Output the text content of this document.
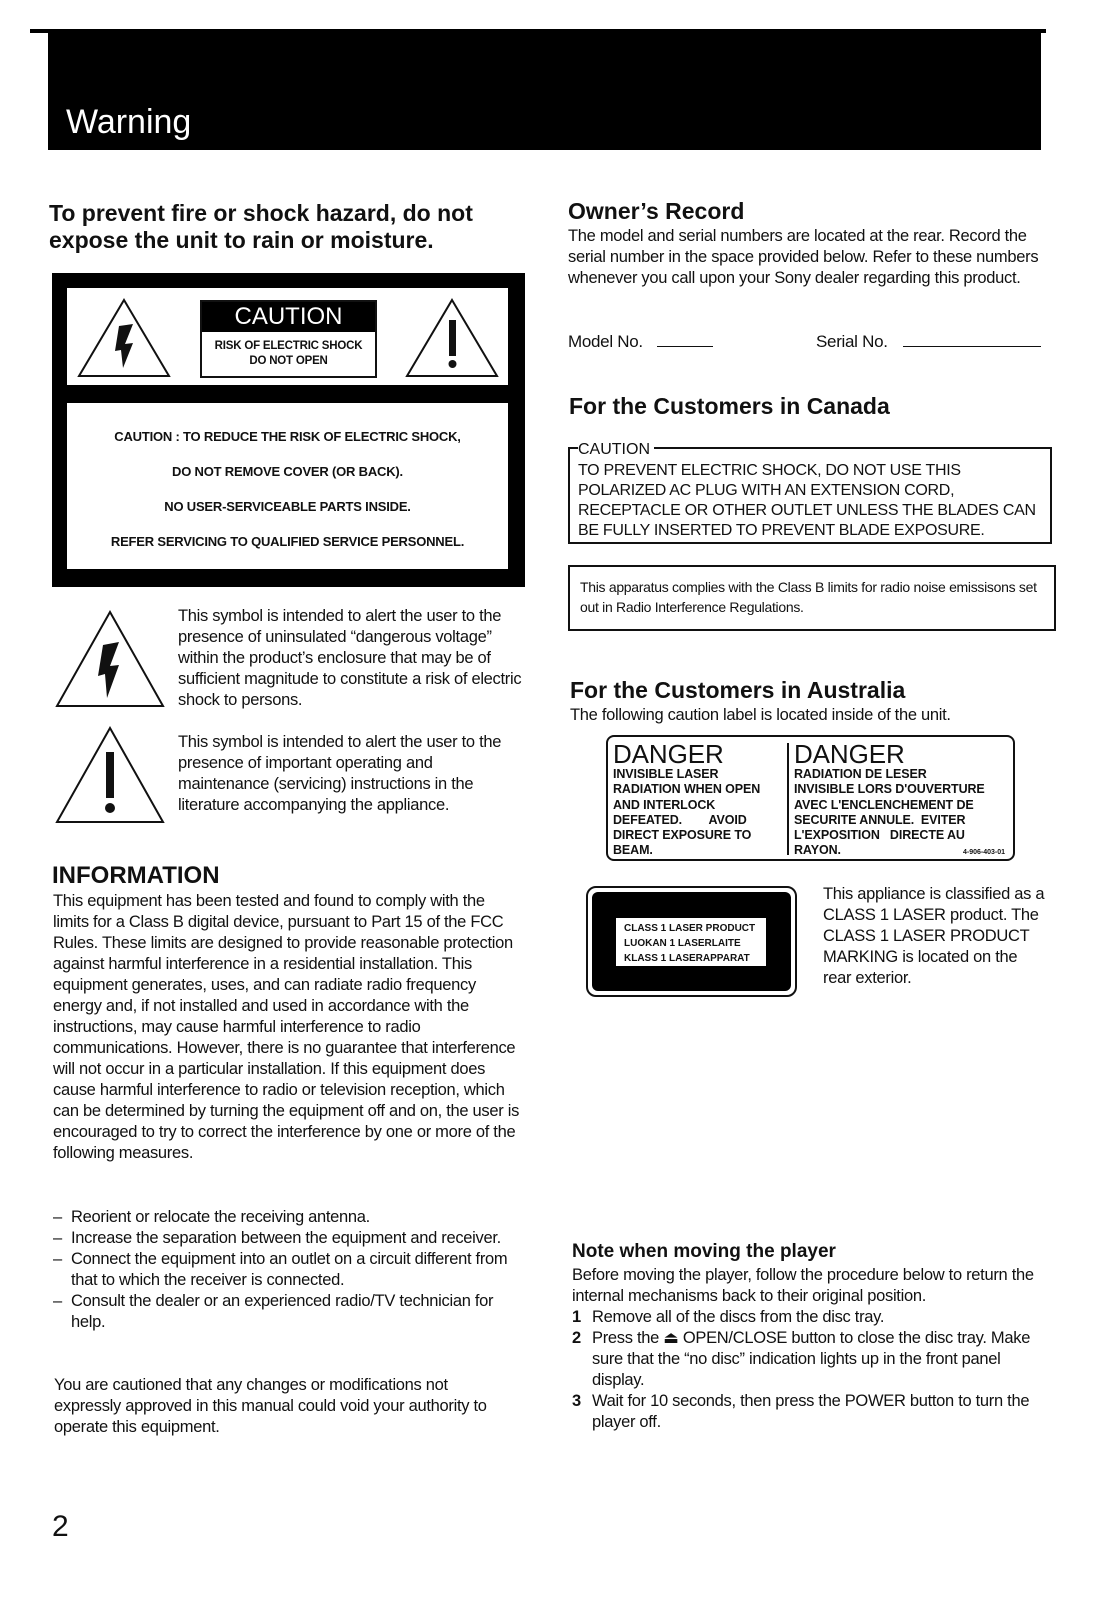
Warning
To prevent fire or shock hazard, do not expose the unit to rain or moisture.
CAUTION
RISK OF ELECTRIC SHOCK
DO NOT OPEN
CAUTION : TO REDUCE THE RISK OF ELECTRIC SHOCK,
DO NOT REMOVE COVER (OR BACK).
NO USER-SERVICEABLE PARTS INSIDE.
REFER SERVICING TO QUALIFIED SERVICE PERSONNEL.
This symbol is intended to alert the user to the presence of uninsulated “dangerous voltage” within the product’s enclosure that may be of sufficient magnitude to constitute a risk of electric shock to persons.
This symbol is intended to alert the user to the presence of important operating and maintenance (servicing) instructions in the literature accompanying the appliance.
INFORMATION
This equipment has been tested and found to comply with the limits for a Class B digital device, pursuant to Part 15 of the FCC Rules. These limits are designed to provide reasonable protection against harmful interference in a residential installation. This equipment generates, uses, and can radiate radio frequency energy and, if not installed and used in accordance with the instructions, may cause harmful interference to radio communications. However, there is no guarantee that interference will not occur in a particular installation. If this equipment does cause harmful interference to radio or television reception, which can be determined by turning the equipment off and on, the user is encouraged to try to correct the interference by one or more of the following measures.
– Reorient or relocate the receiving antenna.
– Increase the separation between the equipment and receiver.
– Connect the equipment into an outlet on a circuit different from that to which the receiver is connected.
– Consult the dealer or an experienced radio/TV technician for help.
You are cautioned that any changes or modifications not expressly approved in this manual could void your authority to operate this equipment.
2
Owner’s Record
The model and serial numbers are located at the rear. Record the serial number in the space provided below. Refer to these numbers whenever you call upon your Sony dealer regarding this product.
Model No.	Serial No.
For the Customers in Canada
CAUTION
TO PREVENT ELECTRIC SHOCK, DO NOT USE THIS POLARIZED AC PLUG WITH AN EXTENSION CORD, RECEPTACLE OR OTHER OUTLET UNLESS THE BLADES CAN BE FULLY INSERTED TO PREVENT BLADE EXPOSURE.
This apparatus complies with the Class B limits for radio noise emissisons set out in Radio Interference Regulations.
For the Customers in Australia
The following caution label is located inside of the unit.
DANGER
INVISIBLE LASER
RADIATION WHEN OPEN
AND INTERLOCK
DEFEATED.        AVOID
DIRECT EXPOSURE TO
BEAM.
DANGER
RADIATION DE LESER
INVISIBLE LORS D'OUVERTURE
AVEC L'ENCLENCHEMENT DE
SECURITE ANNULE.  EVITER
L'EXPOSITION   DIRECTE AU
RAYON.	4-906-403-01
CLASS 1 LASER PRODUCT
LUOKAN 1 LASERLAITE
KLASS 1 LASERAPPARAT
This appliance is classified as a CLASS 1 LASER product. The CLASS 1 LASER PRODUCT MARKING is located on the rear exterior.
Note when moving the player
Before moving the player, follow the procedure below to return the internal mechanisms back to their original position.
1 Remove all of the discs from the disc tray.
2 Press the ⏏ OPEN/CLOSE button to close the disc tray. Make sure that the “no disc” indication lights up in the front panel display.
3 Wait for 10 seconds, then press the POWER button to turn the player off.
